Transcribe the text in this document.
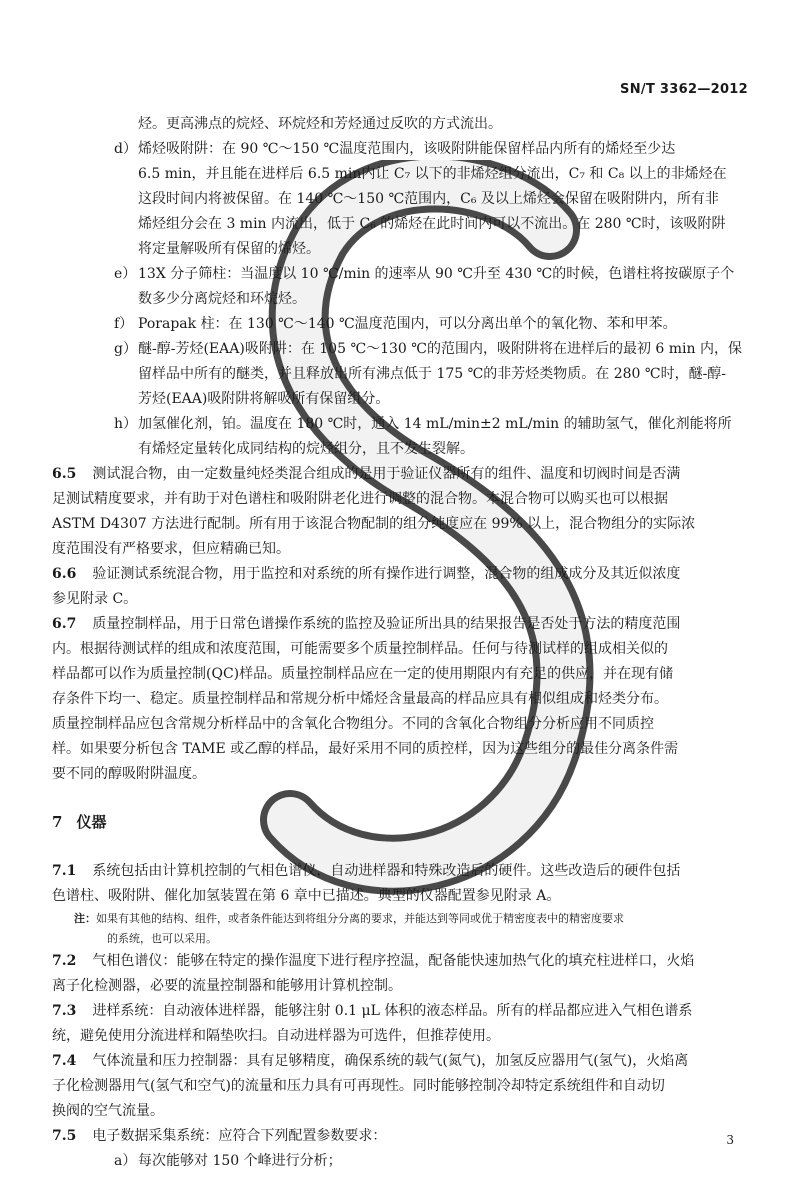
SN/T 3362—2012
烃。更高沸点的烷烃、环烷烃和芳烃通过反吹的方式流出。
d）烯烃吸附阱：在 90 ℃～150 ℃温度范围内，该吸附阱能保留样品内所有的烯烃至少达
6.5 min，并且能在进样后 6.5 min内让 C₇ 以下的非烯烃组分流出，C₇ 和 C₈ 以上的非烯烃在
这段时间内将被保留。在 140 ℃～150 ℃范围内，C₆ 及以上烯烃会保留在吸附阱内，所有非
烯烃组分会在 3 min 内流出，低于 C₆ 的烯烃在此时间内可以不流出。在 280 ℃时，该吸附阱
将定量解吸所有保留的烯烃。
e） 13X 分子筛柱：当温度以 10 ℃/min 的速率从 90 ℃升至 430 ℃的时候，色谱柱将按碳原子个
数多少分离烷烃和环烷烃。
f） Porapak 柱：在 130 ℃～140 ℃温度范围内，可以分离出单个的氧化物、苯和甲苯。
g）醚-醇-芳烃(EAA)吸附阱：在 105 ℃～130 ℃的范围内，吸附阱将在进样后的最初 6 min 内，保
留样品中所有的醚类，并且释放出所有沸点低于 175 ℃的非芳烃类物质。在 280 ℃时，醚-醇-
芳烃(EAA)吸附阱将解吸所有保留组分。
h）加氢催化剂，铂。温度在 180 ℃时，通入 14 mL/min±2 mL/min 的辅助氢气，催化剂能将所
有烯烃定量转化成同结构的烷烃组分，且不发生裂解。
6.5 测试混合物，由一定数量纯烃类混合组成的是用于验证仪器所有的组件、温度和切阀时间是否满
足测试精度要求，并有助于对色谱柱和吸附阱老化进行调整的混合物。本混合物可以购买也可以根据
ASTM D4307 方法进行配制。所有用于该混合物配制的组分纯度应在 99% 以上，混合物组分的实际浓
度范围没有严格要求，但应精确已知。
6.6 验证测试系统混合物，用于监控和对系统的所有操作进行调整，混合物的组成成分及其近似浓度
参见附录 C。
6.7 质量控制样品，用于日常色谱操作系统的监控及验证所出具的结果报告是否处于方法的精度范围
内。根据待测试样的组成和浓度范围，可能需要多个质量控制样品。任何与待测试样的组成相关似的
样品都可以作为质量控制(QC)样品。质量控制样品应在一定的使用期限内有充足的供应，并在现有储
存条件下均一、稳定。质量控制样品和常规分析中烯烃含量最高的样品应具有相似组成和烃类分布。
质量控制样品应包含常规分析样品中的含氧化合物组分。不同的含氧化合物组分分析应用不同质控
样。如果要分析包含 TAME 或乙醇的样品，最好采用不同的质控样，因为这些组分的最佳分离条件需
要不同的醇吸附阱温度。
7 仪器
7.1 系统包括由计算机控制的气相色谱仪，自动进样器和特殊改造后的硬件。这些改造后的硬件包括
色谱柱、吸附阱、催化加氢装置在第 6 章中已描述。典型的仪器配置参见附录 A。
注：如果有其他的结构、组件，或者条件能达到将组分分离的要求，并能达到等同或优于精密度表中的精密度要求
的系统，也可以采用。
7.2 气相色谱仪：能够在特定的操作温度下进行程序控温，配备能快速加热气化的填充柱进样口，火焰
离子化检测器，必要的流量控制器和能够用计算机控制。
7.3 进样系统：自动液体进样器，能够注射 0.1 μL 体积的液态样品。所有的样品都应进入气相色谱系
统，避免使用分流进样和隔垫吹扫。自动进样器为可选件，但推荐使用。
7.4 气体流量和压力控制器：具有足够精度，确保系统的载气(氮气)，加氢反应器用气(氢气)，火焰离
子化检测器用气(氢气和空气)的流量和压力具有可再现性。同时能够控制冷却特定系统组件和自动切
换阀的空气流量。
7.5 电子数据采集系统：应符合下列配置参数要求：
a） 每次能够对 150 个峰进行分析；
3
